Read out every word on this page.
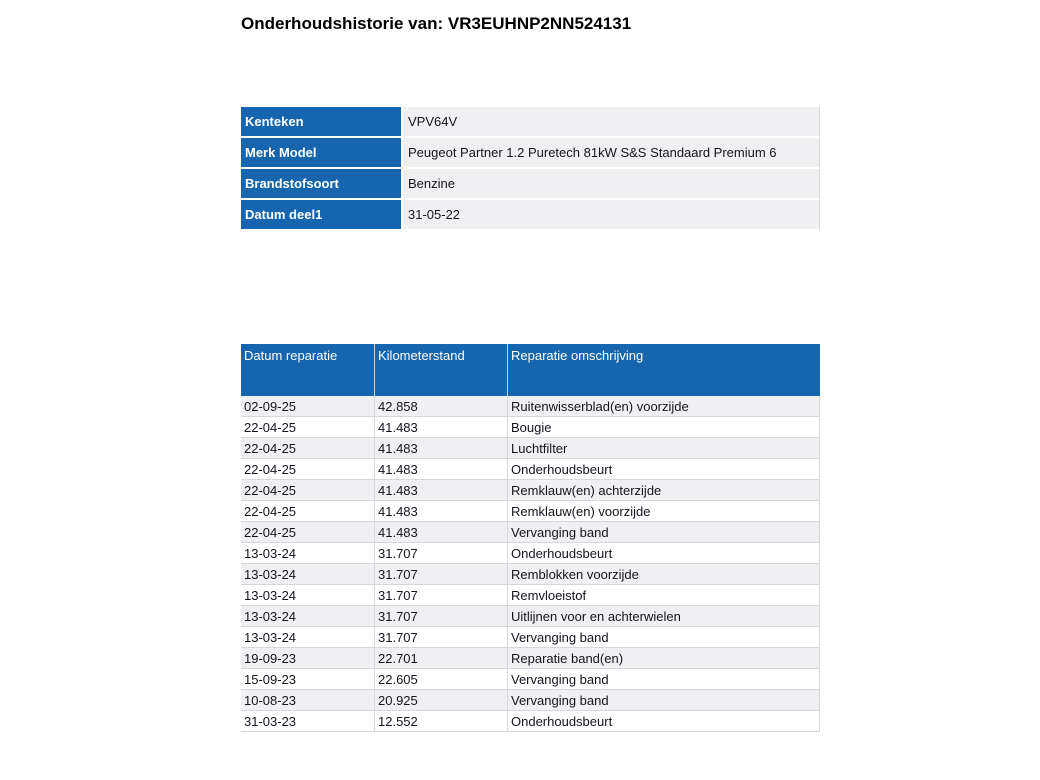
Onderhoudshistorie van: VR3EUHNP2NN524131
Kenteken	VPV64V
Merk Model	Peugeot Partner 1.2 Puretech 81kW S&S Standaard Premium 6
Brandstofsoort	Benzine
Datum deel1	31-05-22
Datum reparatie	Kilometerstand	Reparatie omschrijving
02-09-25	42.858	Ruitenwisserblad(en) voorzijde
22-04-25	41.483	Bougie
22-04-25	41.483	Luchtfilter
22-04-25	41.483	Onderhoudsbeurt
22-04-25	41.483	Remklauw(en) achterzijde
22-04-25	41.483	Remklauw(en) voorzijde
22-04-25	41.483	Vervanging band
13-03-24	31.707	Onderhoudsbeurt
13-03-24	31.707	Remblokken voorzijde
13-03-24	31.707	Remvloeistof
13-03-24	31.707	Uitlijnen voor en achterwielen
13-03-24	31.707	Vervanging band
19-09-23	22.701	Reparatie band(en)
15-09-23	22.605	Vervanging band
10-08-23	20.925	Vervanging band
31-03-23	12.552	Onderhoudsbeurt
